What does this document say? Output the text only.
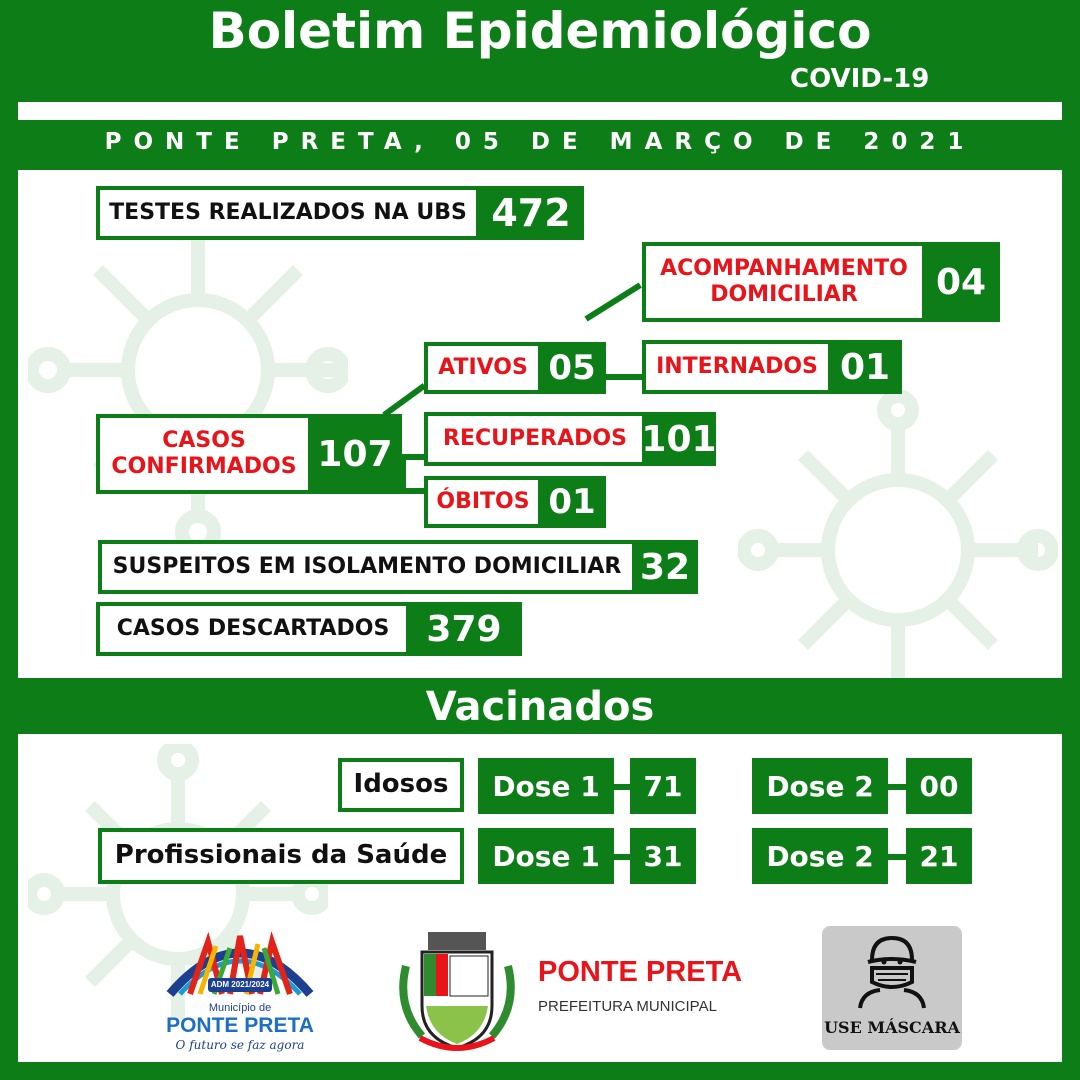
Boletim Epidemiológico
COVID-19
PONTE PRETA, 05 DE MARÇO DE 2021
TESTES REALIZADOS NA UBS 472
ACOMPANHAMENTO
DOMICILIAR	04
ATIVOS 05	INTERNADOS 01
CASOS
CONFIRMADOS 107	RECUPERADOS 101
ÓBITOS 01
SUSPEITOS EM ISOLAMENTO DOMICILIAR 32
CASOS DESCARTADOS	379
Vacinados
Idosos	Dose 1	71	Dose 2	00
Profissionais da Saúde	Dose 1	31	Dose 2	21
ADM 2021/2024
Município de
PONTE PRETA
O futuro se faz agora
PONTE PRETA
PREFEITURA MUNICIPAL
USE MÁSCARA
